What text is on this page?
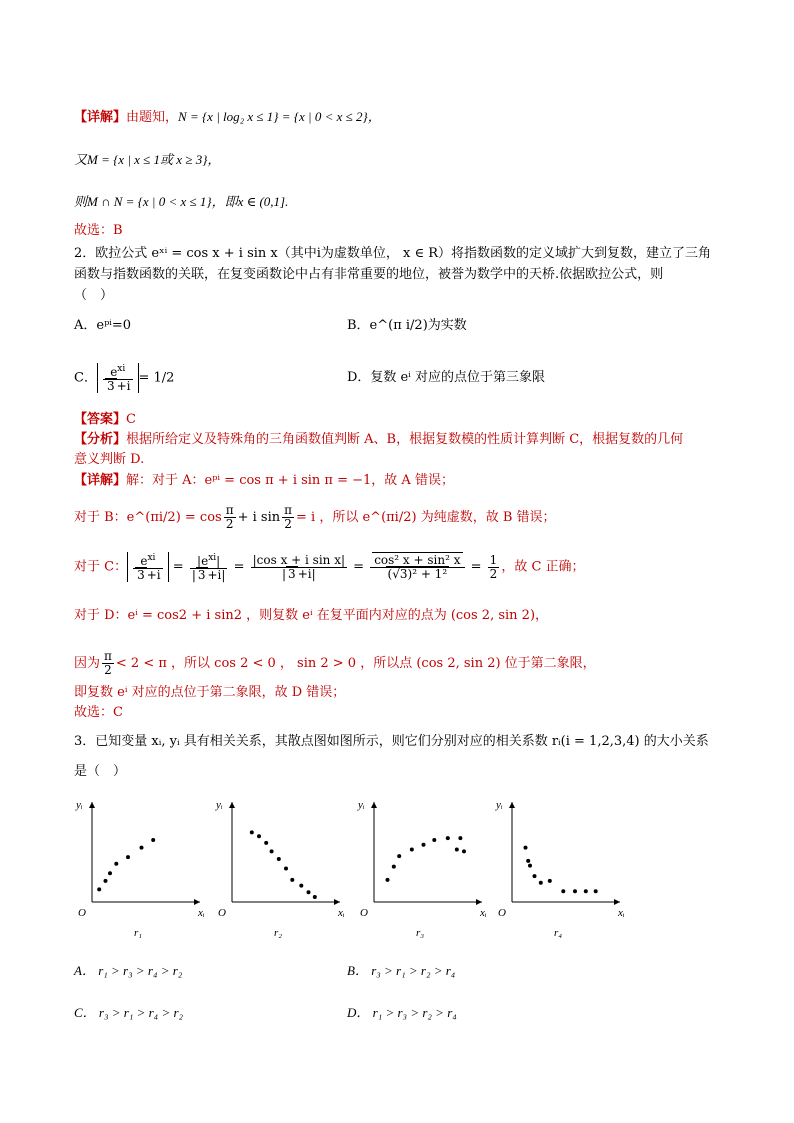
【详解】由题知，N = {x | log₂ x ≤ 1} = {x | 0 < x ≤ 2}，
又M = {x | x ≤ 1或 x ≥ 3}，
则M ∩ N = {x | 0 < x ≤ 1}，即x ∈ (0,1].
故选：B
2．欧拉公式 eˣⁱ = cos x + i sin x（其中i为虚数单位， x ∈ R）将指数函数的定义域扩大到复数，建立了三角
函数与指数函数的关联，在复变函数论中占有非常重要的地位，被誉为数学中的天桥.依据欧拉公式，则
（　）
A．eᵖⁱ=0	B．e^(π i/2)为实数
C． $\frac{e^{xi}}{3 +i} = 1/2$	D．复数 eⁱ 对应的点位于第三象限
【答案】C
【分析】根据所给定义及特殊角的三角函数值判断 A、B，根据复数模的性质计算判断 C，根据复数的几何
意义判断 D.
【详解】解：对于 A：eᵖⁱ = cos π + i sin π = −1，故 A 错误；
对于 B：e^(πi/2) = $\cos \frac{\pi}{2} + i$ $\sin \frac{\pi}{2} = i$ ，所以 e^(πi/2) 为纯虚数，故 B 错误；
对于 C： $\frac{e^{xi}}{3 +i} = \frac{|e^{xi}|}{| 3 +i|} = \frac{\text{|cos x + i sin x|}}{| 3 +i|} = \frac{\text{cos² x + sin² x}}{\text{(√3)² + 1²}} = \frac{1}{2}$ ，故 C 正确；
对于 D：eⁱ = cos2 + i sin2 ，则复数 eⁱ 在复平面内对应的点为 (cos 2, sin 2)，
因为 $\frac{\pi}{2} < 2 < \pi$ ，所以 cos 2 < 0 ， sin 2 > 0 ，所以点 (cos 2, sin 2) 位于第二象限，
即复数 eⁱ 对应的点位于第二象限，故 D 错误；
故选：C
3．已知变量 xᵢ, yᵢ 具有相关关系，其散点图如图所示，则它们分别对应的相关系数 rᵢ(i = 1,2,3,4) 的大小关系
是（　）
yᵢ
xᵢ
O
r₁
yᵢ
xᵢ
O
r₂
yᵢ
xᵢ
O
r₃
yᵢ
xᵢ
O
r₄
A． r₁ > r₃ > r₄ > r₂	B． r₃ > r₁ > r₂ > r₄
C． r₃ > r₁ > r₄ > r₂	D． r₁ > r₃ > r₂ > r₄
